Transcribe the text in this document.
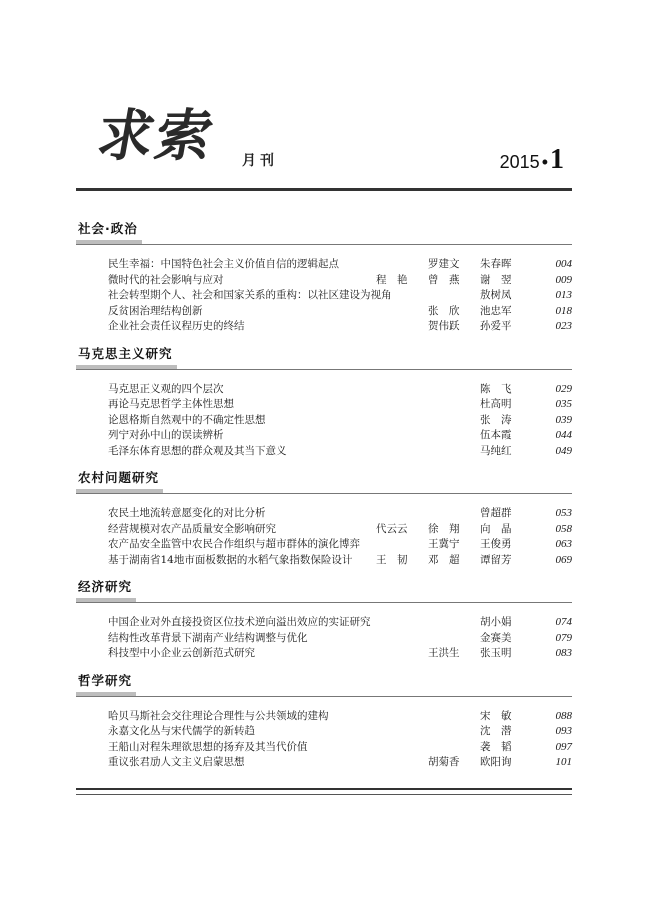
求索 月刊	2015 •1
社会·政治
民生幸福：中国特色社会主义价值自信的逻辑起点	罗建文	朱春晖	004
微时代的社会影响与应对	程　艳	曾　燕	谢　翌	009
社会转型期个人、社会和国家关系的重构：以社区建设为视角	敖树凤	013
反贫困治理结构创新	张　欣	池忠军	018
企业社会责任议程历史的终结	贺伟跃	孙爱平	023
马克思主义研究
马克思正义观的四个层次	陈　飞	029
再论马克思哲学主体性思想	杜高明	035
论恩格斯自然观中的不确定性思想	张　涛	039
列宁对孙中山的误读辨析	伍本霞	044
毛泽东体育思想的群众观及其当下意义	马纯红	049
农村问题研究
农民土地流转意愿变化的对比分析	曾超群	053
经营规模对农产品质量安全影响研究	代云云	徐　翔	向　晶	058
农产品安全监管中农民合作组织与超市群体的演化博弈	王冀宁	王俊勇	063
基于湖南省14地市面板数据的水稻气象指数保险设计 王　韧	邓　超	谭留芳	069
经济研究
中国企业对外直接投资区位技术逆向溢出效应的实证研究	胡小娟	074
结构性改革背景下湖南产业结构调整与优化	金赛美	079
科技型中小企业云创新范式研究	王洪生	张玉明	083
哲学研究
哈贝马斯社会交往理论合理性与公共领域的建构	宋　敏	088
永嘉文化丛与宋代儒学的新转趋	沈　潜	093
王船山对程朱理欲思想的扬弃及其当代价值	袭　韬	097
重议张君劢人文主义启蒙思想	胡菊香	欧阳询	101
